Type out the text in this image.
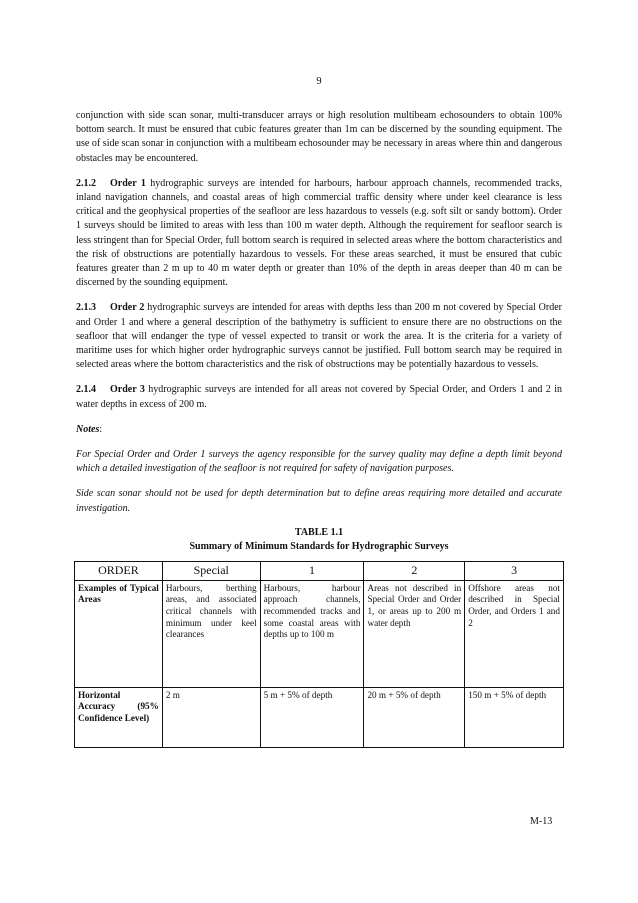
9

conjunction with side scan sonar, multi-transducer arrays or high resolution multibeam echosounders to obtain 100% bottom search. It must be ensured that cubic features greater than 1m can be discerned by the sounding equipment. The use of side scan sonar in conjunction with a multibeam echosounder may be necessary in areas where thin and dangerous obstacles may be encountered.

2.1.2 Order 1 hydrographic surveys are intended for harbours, harbour approach channels, recommended tracks, inland navigation channels, and coastal areas of high commercial traffic density where under keel clearance is less critical and the geophysical properties of the seafloor are less hazardous to vessels (e.g. soft silt or sandy bottom). Order 1 surveys should be limited to areas with less than 100 m water depth. Although the requirement for seafloor search is less stringent than for Special Order, full bottom search is required in selected areas where the bottom characteristics and the risk of obstructions are potentially hazardous to vessels. For these areas searched, it must be ensured that cubic features greater than 2 m up to 40 m water depth or greater than 10% of the depth in areas deeper than 40 m can be discerned by the sounding equipment.

2.1.3 Order 2 hydrographic surveys are intended for areas with depths less than 200 m not covered by Special Order and Order 1 and where a general description of the bathymetry is sufficient to ensure there are no obstructions on the seafloor that will endanger the type of vessel expected to transit or work the area. It is the criteria for a variety of maritime uses for which higher order hydrographic surveys cannot be justified. Full bottom search may be required in selected areas where the bottom characteristics and the risk of obstructions may be potentially hazardous to vessels.

2.1.4 Order 3 hydrographic surveys are intended for all areas not covered by Special Order, and Orders 1 and 2 in water depths in excess of 200 m.

Notes:

For Special Order and Order 1 surveys the agency responsible for the survey quality may define a depth limit beyond which a detailed investigation of the seafloor is not required for safety of navigation purposes.

Side scan sonar should not be used for depth determination but to define areas requiring more detailed and accurate investigation.

TABLE 1.1
Summary of Minimum Standards for Hydrographic Surveys
ORDER	Special	1	2	3
Examples of Typical Areas	Harbours, berthing areas, and associated critical channels with minimum under keel clearances	Harbours, harbour approach channels, recommended tracks and some coastal areas with depths up to 100 m	Areas not described in Special Order and Order 1, or areas up to 200 m water depth	Offshore areas not described in Special Order, and Orders 1 and 2
Horizontal Accuracy (95% Confidence Level)	2 m	5 m + 5% of depth	20 m + 5% of depth	150 m + 5% of depth
M-13
